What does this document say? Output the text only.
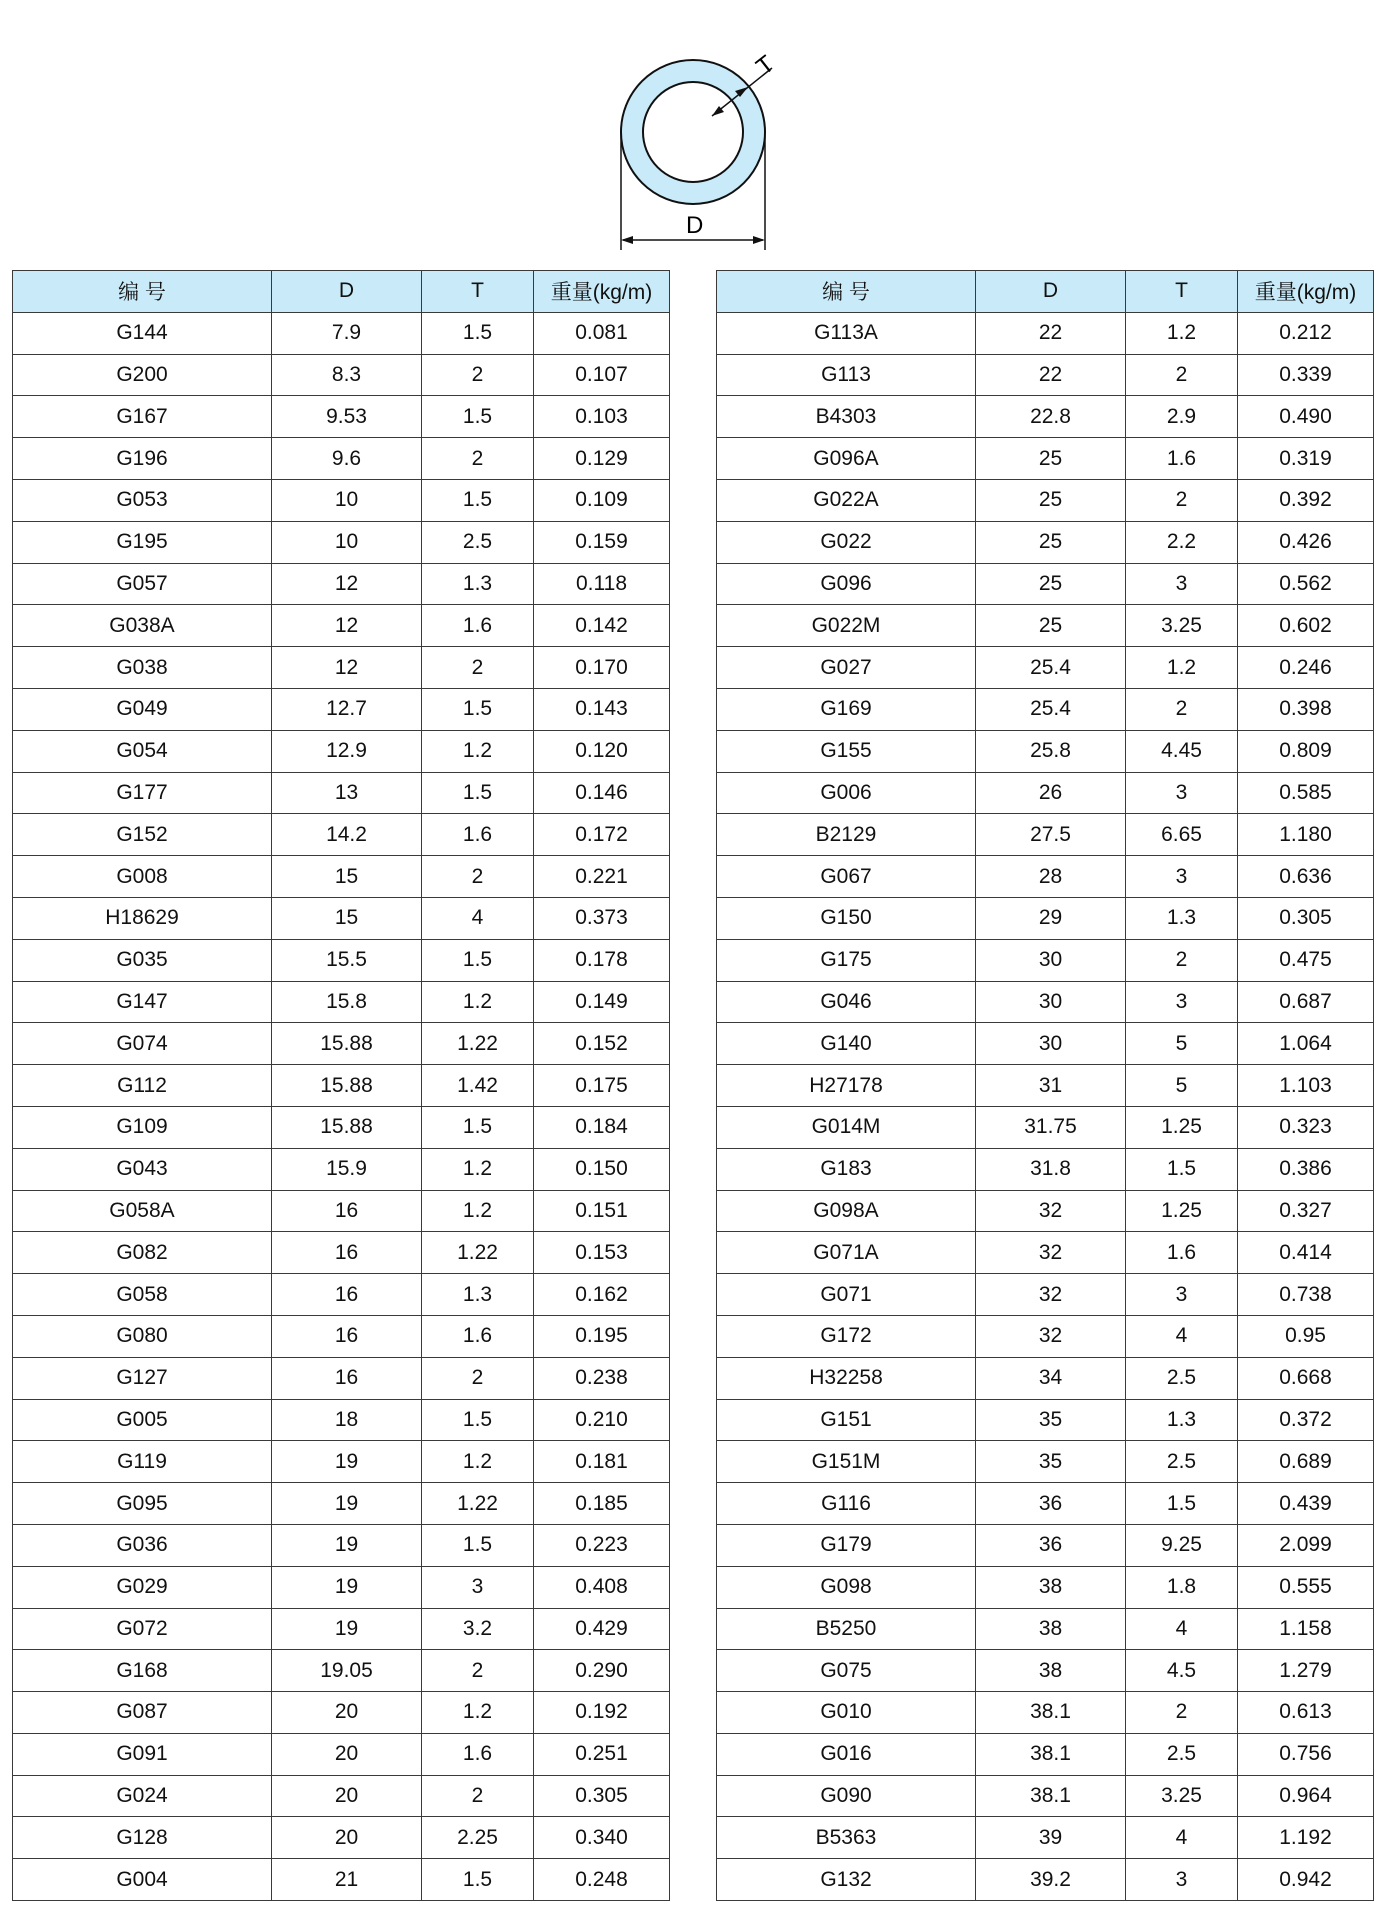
T
D
编 号	D	T	重量(kg/m)
G144	7.9	1.5	0.081
G200	8.3	2	0.107
G167	9.53	1.5	0.103
G196	9.6	2	0.129
G053	10	1.5	0.109
G195	10	2.5	0.159
G057	12	1.3	0.118
G038A	12	1.6	0.142
G038	12	2	0.170
G049	12.7	1.5	0.143
G054	12.9	1.2	0.120
G177	13	1.5	0.146
G152	14.2	1.6	0.172
G008	15	2	0.221
H18629	15	4	0.373
G035	15.5	1.5	0.178
G147	15.8	1.2	0.149
G074	15.88	1.22	0.152
G112	15.88	1.42	0.175
G109	15.88	1.5	0.184
G043	15.9	1.2	0.150
G058A	16	1.2	0.151
G082	16	1.22	0.153
G058	16	1.3	0.162
G080	16	1.6	0.195
G127	16	2	0.238
G005	18	1.5	0.210
G119	19	1.2	0.181
G095	19	1.22	0.185
G036	19	1.5	0.223
G029	19	3	0.408
G072	19	3.2	0.429
G168	19.05	2	0.290
G087	20	1.2	0.192
G091	20	1.6	0.251
G024	20	2	0.305
G128	20	2.25	0.340
G004	21	1.5	0.248
编 号	D	T	重量(kg/m)
G113A	22	1.2	0.212
G113	22	2	0.339
B4303	22.8	2.9	0.490
G096A	25	1.6	0.319
G022A	25	2	0.392
G022	25	2.2	0.426
G096	25	3	0.562
G022M	25	3.25	0.602
G027	25.4	1.2	0.246
G169	25.4	2	0.398
G155	25.8	4.45	0.809
G006	26	3	0.585
B2129	27.5	6.65	1.180
G067	28	3	0.636
G150	29	1.3	0.305
G175	30	2	0.475
G046	30	3	0.687
G140	30	5	1.064
H27178	31	5	1.103
G014M	31.75	1.25	0.323
G183	31.8	1.5	0.386
G098A	32	1.25	0.327
G071A	32	1.6	0.414
G071	32	3	0.738
G172	32	4	0.95
H32258	34	2.5	0.668
G151	35	1.3	0.372
G151M	35	2.5	0.689
G116	36	1.5	0.439
G179	36	9.25	2.099
G098	38	1.8	0.555
B5250	38	4	1.158
G075	38	4.5	1.279
G010	38.1	2	0.613
G016	38.1	2.5	0.756
G090	38.1	3.25	0.964
B5363	39	4	1.192
G132	39.2	3	0.942
